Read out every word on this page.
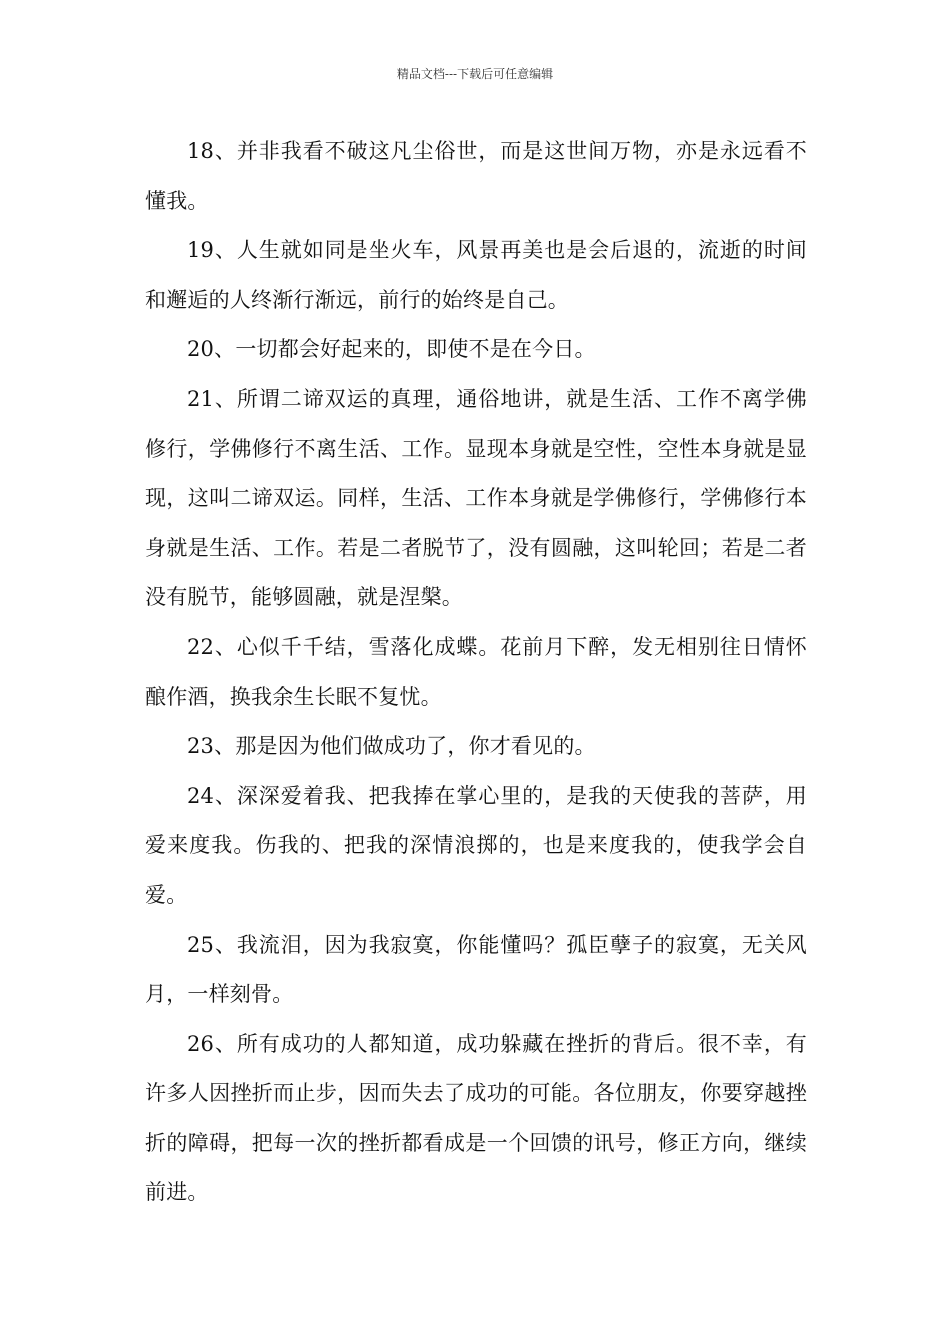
精品文档---下载后可任意编辑

18、并非我看不破这凡尘俗世，而是这世间万物，亦是永远看不懂我。

19、人生就如同是坐火车，风景再美也是会后退的，流逝的时间和邂逅的人终渐行渐远，前行的始终是自己。

20、一切都会好起来的，即使不是在今日。

21、所谓二谛双运的真理，通俗地讲，就是生活、工作不离学佛修行，学佛修行不离生活、工作。显现本身就是空性，空性本身就是显现，这叫二谛双运。同样，生活、工作本身就是学佛修行，学佛修行本身就是生活、工作。若是二者脱节了，没有圆融，这叫轮回；若是二者没有脱节，能够圆融，就是涅槃。

22、心似千千结，雪落化成蝶。花前月下醉，发无相别往日情怀酿作酒，换我余生长眠不复忧。

23、那是因为他们做成功了，你才看见的。

24、深深爱着我、把我捧在掌心里的，是我的天使我的菩萨，用爱来度我。伤我的、把我的深情浪掷的，也是来度我的，使我学会自爱。

25、我流泪，因为我寂寞，你能懂吗？孤臣孽子的寂寞，无关风月，一样刻骨。

26、所有成功的人都知道，成功躲藏在挫折的背后。很不幸，有许多人因挫折而止步，因而失去了成功的可能。各位朋友，你要穿越挫折的障碍，把每一次的挫折都看成是一个回馈的讯号，修正方向，继续前进。
